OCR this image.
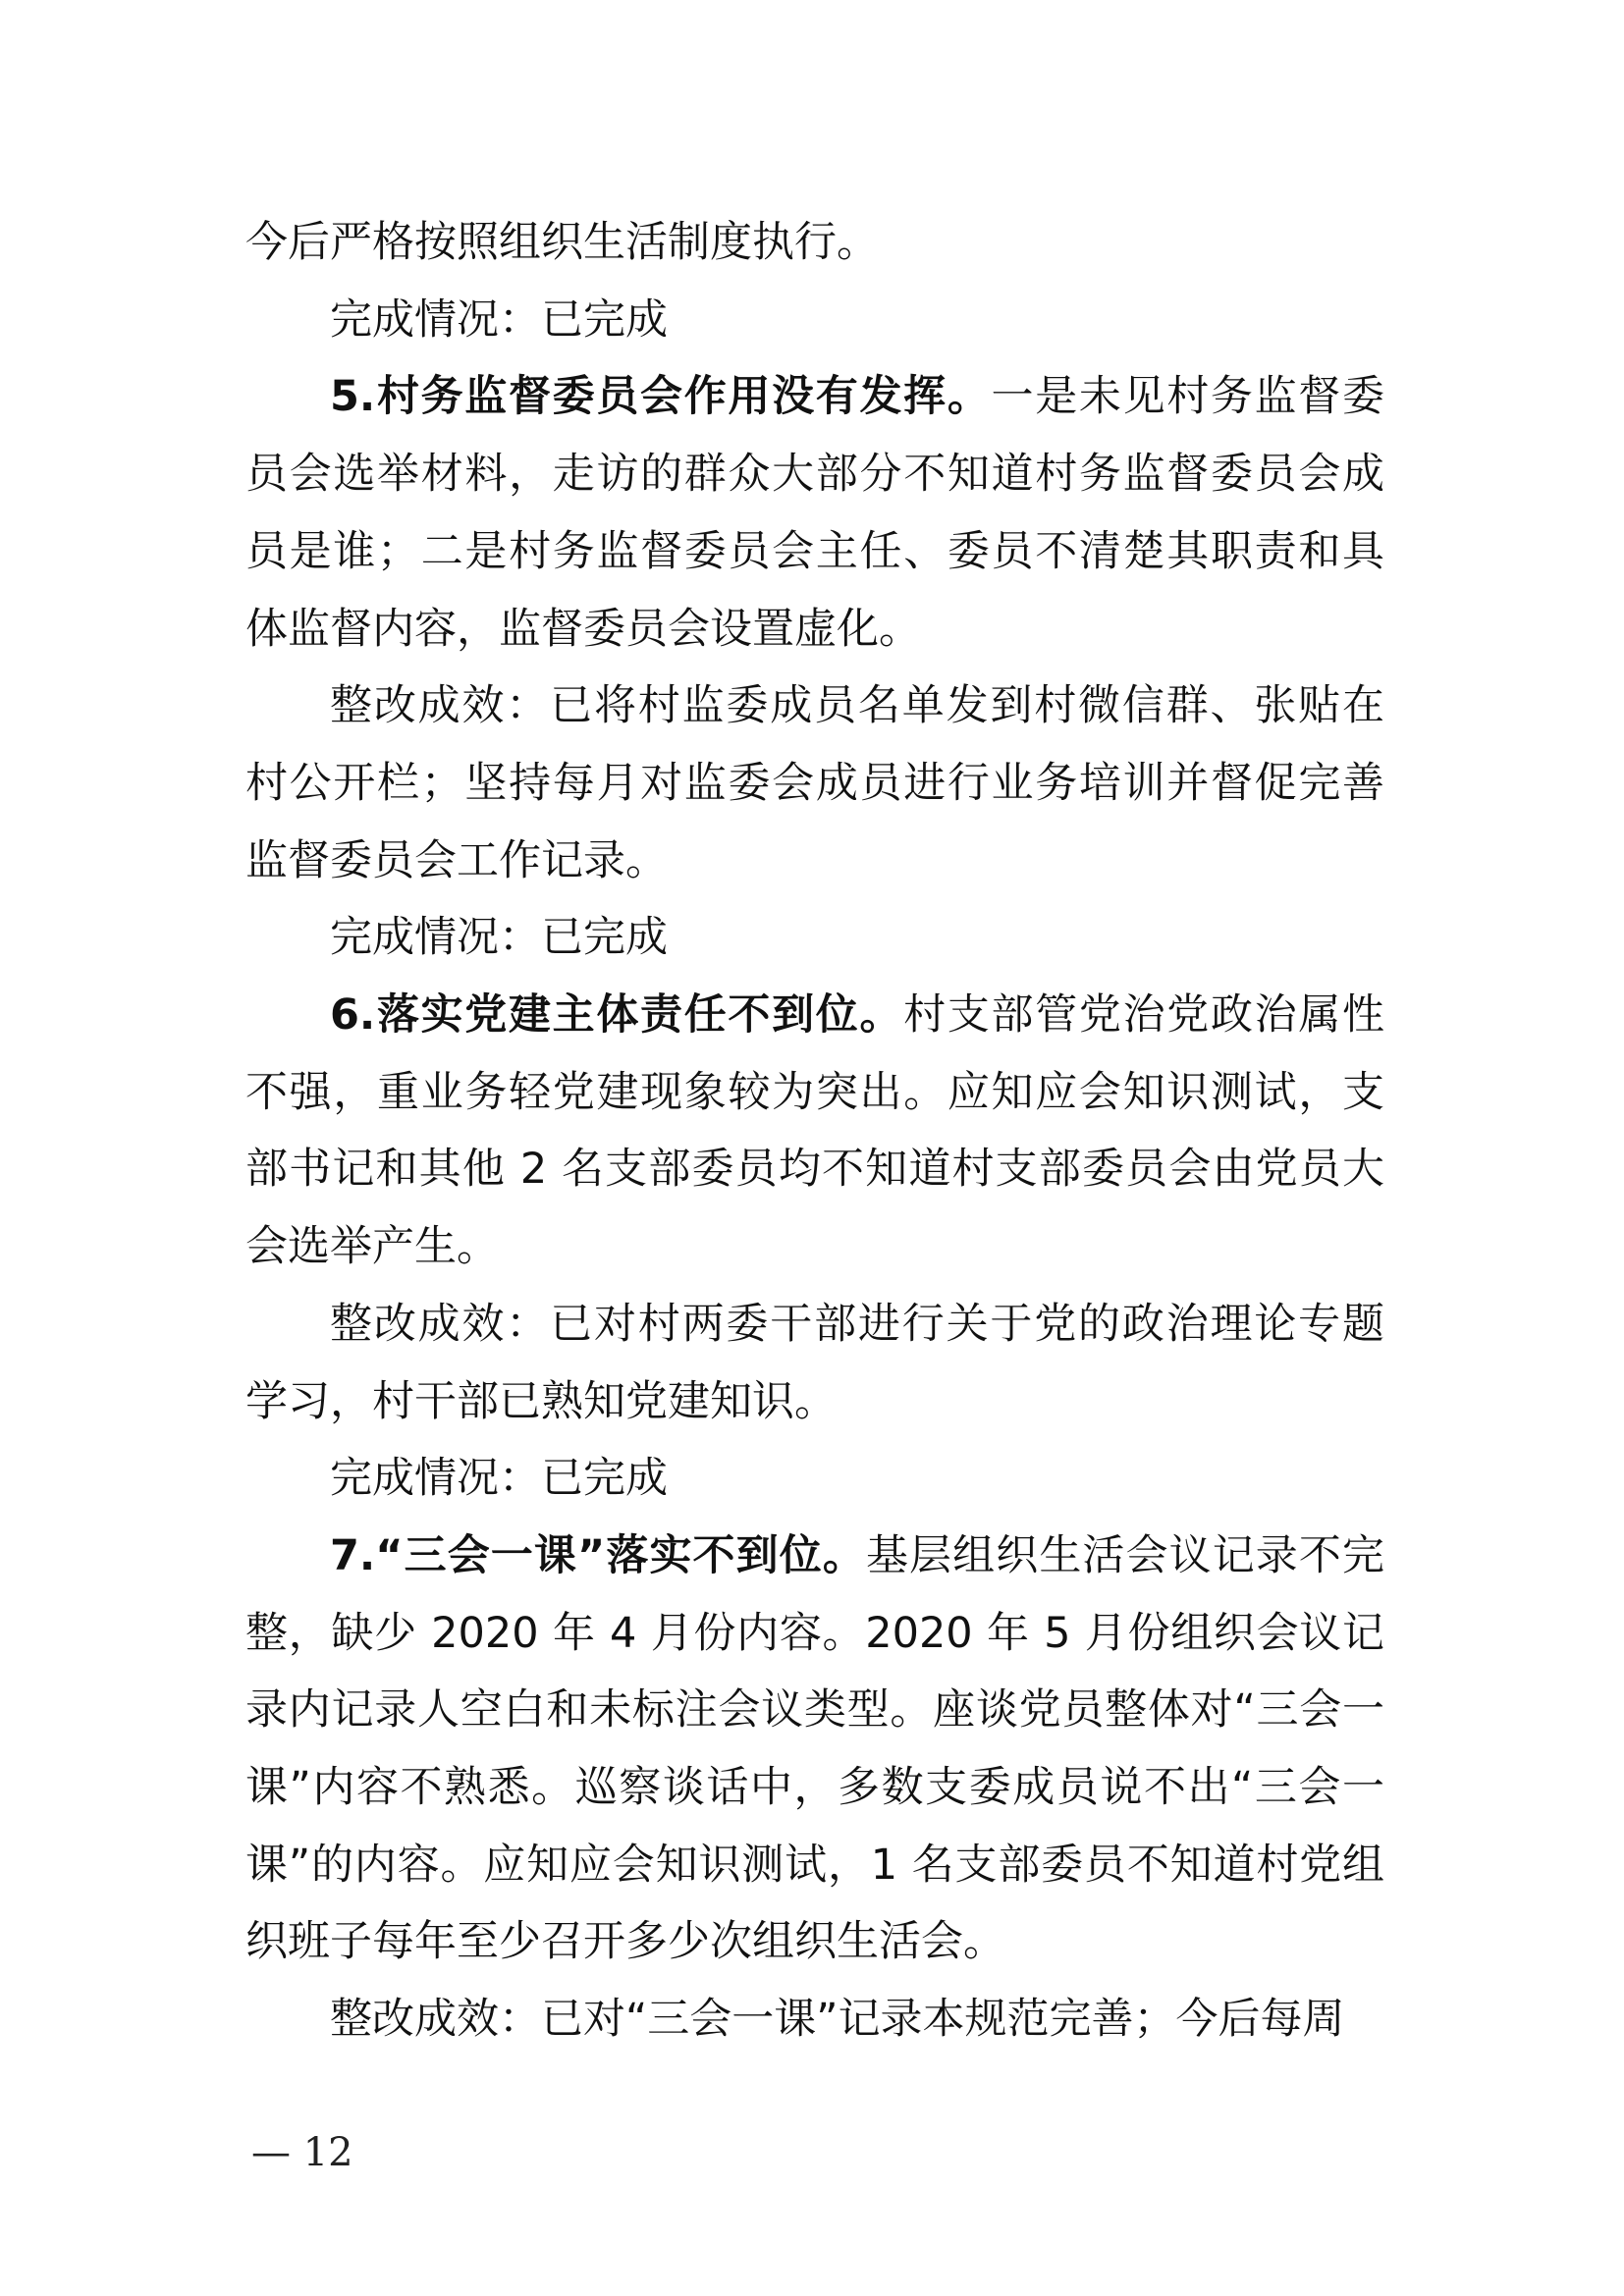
今后严格按照组织生活制度执行。

完成情况：已完成

5.村务监督委员会作用没有发挥。一是未见村务监督委员会选举材料，走访的群众大部分不知道村务监督委员会成员是谁；二是村务监督委员会主任、委员不清楚其职责和具体监督内容，监督委员会设置虚化。

整改成效：已将村监委成员名单发到村微信群、张贴在村公开栏；坚持每月对监委会成员进行业务培训并督促完善监督委员会工作记录。

完成情况：已完成

6.落实党建主体责任不到位。村支部管党治党政治属性不强，重业务轻党建现象较为突出。应知应会知识测试，支部书记和其他 2 名支部委员均不知道村支部委员会由党员大会选举产生。

整改成效：已对村两委干部进行关于党的政治理论专题学习，村干部已熟知党建知识。

完成情况：已完成

7.“三会一课”落实不到位。基层组织生活会议记录不完整，缺少 2020 年 4 月份内容。2020 年 5 月份组织会议记录内记录人空白和未标注会议类型。座谈党员整体对“三会一课”内容不熟悉。巡察谈话中，多数支委成员说不出“三会一课”的内容。应知应会知识测试，1 名支部委员不知道村党组织班子每年至少召开多少次组织生活会。

整改成效：已对“三会一课”记录本规范完善；今后每周

— 12
